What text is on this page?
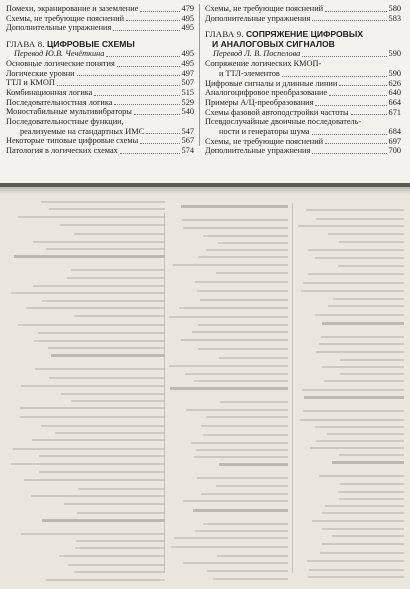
Помехи, экранирование и заземление	479
Схемы, не требующие пояснений	495
Дополнительные упражнения	495
ГЛАВА 8. ЦИФРОВЫЕ СХЕМЫ
Перевод Ю.В. Чечёткина	495
Основные логические понятия	495
Логические уровни	497
ТТЛ и КМОП	507
Комбинационная логика	515
Последовательностная логика	529
Моностабильные мультивибраторы	540
Последовательностные функции,
реализуемые на стандартных ИМС	547
Некоторые типовые цифровые схемы	567
Патология в логических схемах	574
Схемы, не требующие пояснений	580
Дополнительные упражнения	583
ГЛАВА 9. СОПРЯЖЕНИЕ ЦИФРОВЫХ
И АНАЛОГОВЫХ СИГНАЛОВ
Перевод Л. В. Поспелова	590
Сопряжение логических КМОП-
и ТТЛ-элементов	590
Цифровые сигналы и длинные линии	626
Аналогоцифровое преобразование	640
Примеры А/Ц-преобразования	664
Схемы фазовой автоподстройки частоты	671
Псевдослучайные двоичные последователь-
ности и генераторы шума	684
Схемы, не требующие пояснений	697
Дополнительные упражнения	700
